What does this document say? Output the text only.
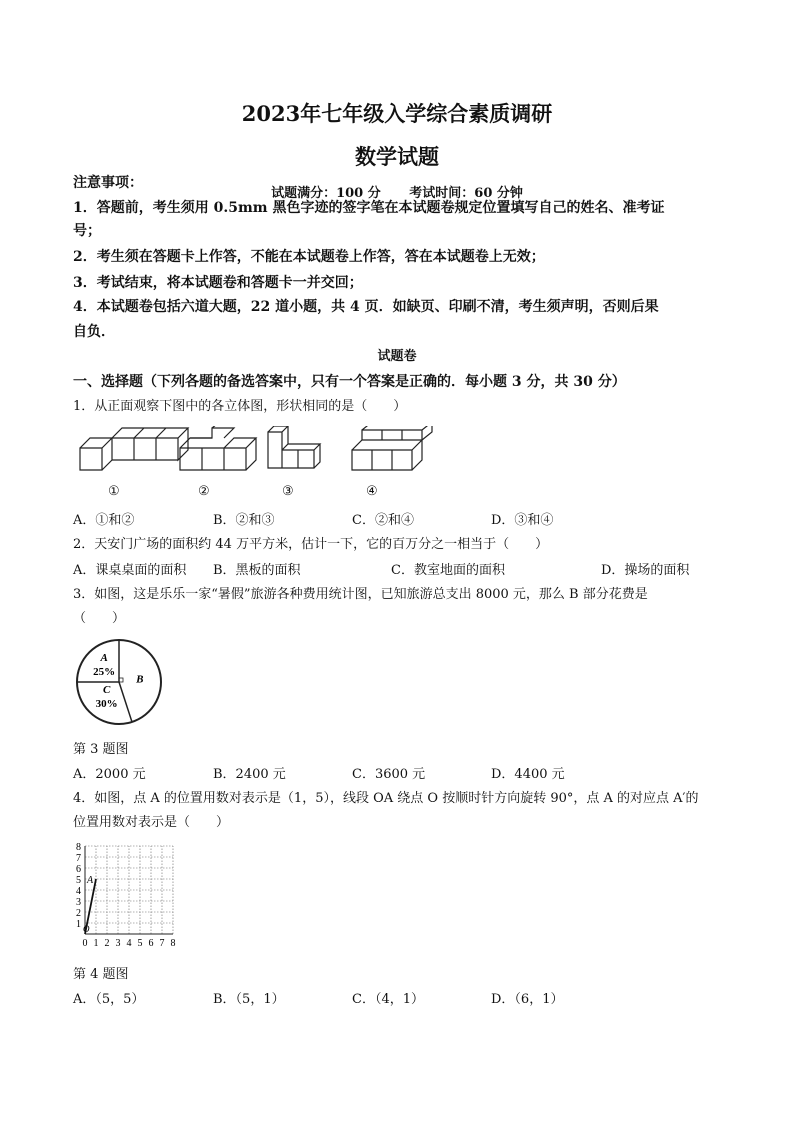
2023年七年级入学综合素质调研
数学试题
试题满分：100 分 考试时间：60 分钟
注意事项：
1．答题前，考生须用 0.5mm 黑色字迹的签字笔在本试题卷规定位置填写自己的姓名、准考证
号；
2．考生须在答题卡上作答，不能在本试题卷上作答，答在本试题卷上无效；
3．考试结束，将本试题卷和答题卡一并交回；
4．本试题卷包括六道大题，22 道小题，共 4 页．如缺页、印刷不清，考生须声明，否则后果
自负．
试题卷
一、选择题（下列各题的备选答案中，只有一个答案是正确的．每小题 3 分，共 30 分）
1．从正面观察下图中的各立体图，形状相同的是（　　）
①	②	③	④
A．①和②	B．②和③	C．②和④	D．③和④
2．天安门广场的面积约 44 万平方米，估计一下，它的百万分之一相当于（　　）
A．课桌桌面的面积 B．黑板的面积	C．教室地面的面积	D．操场的面积
3．如图，这是乐乐一家“暑假”旅游各种费用统计图，已知旅游总支出 8000 元，那么 B 部分花费是
（　　）
A
25%
B
C
30%
第 3 题图
A．2000 元	B．2400 元	C．3600 元	D．4400 元
4．如图，点 A 的位置用数对表示是（1，5），线段 OA 绕点 O 按顺时针方向旋转 90°，点 A 的对应点 A′的
位置用数对表示是（　　）
0 1 2 3 4 5 6 7 8
1
2
3
4
5
6
7
8
A
O
第 4 题图
A．（5，5）	B．（5，1）	C．（4，1）	D．（6，1）
